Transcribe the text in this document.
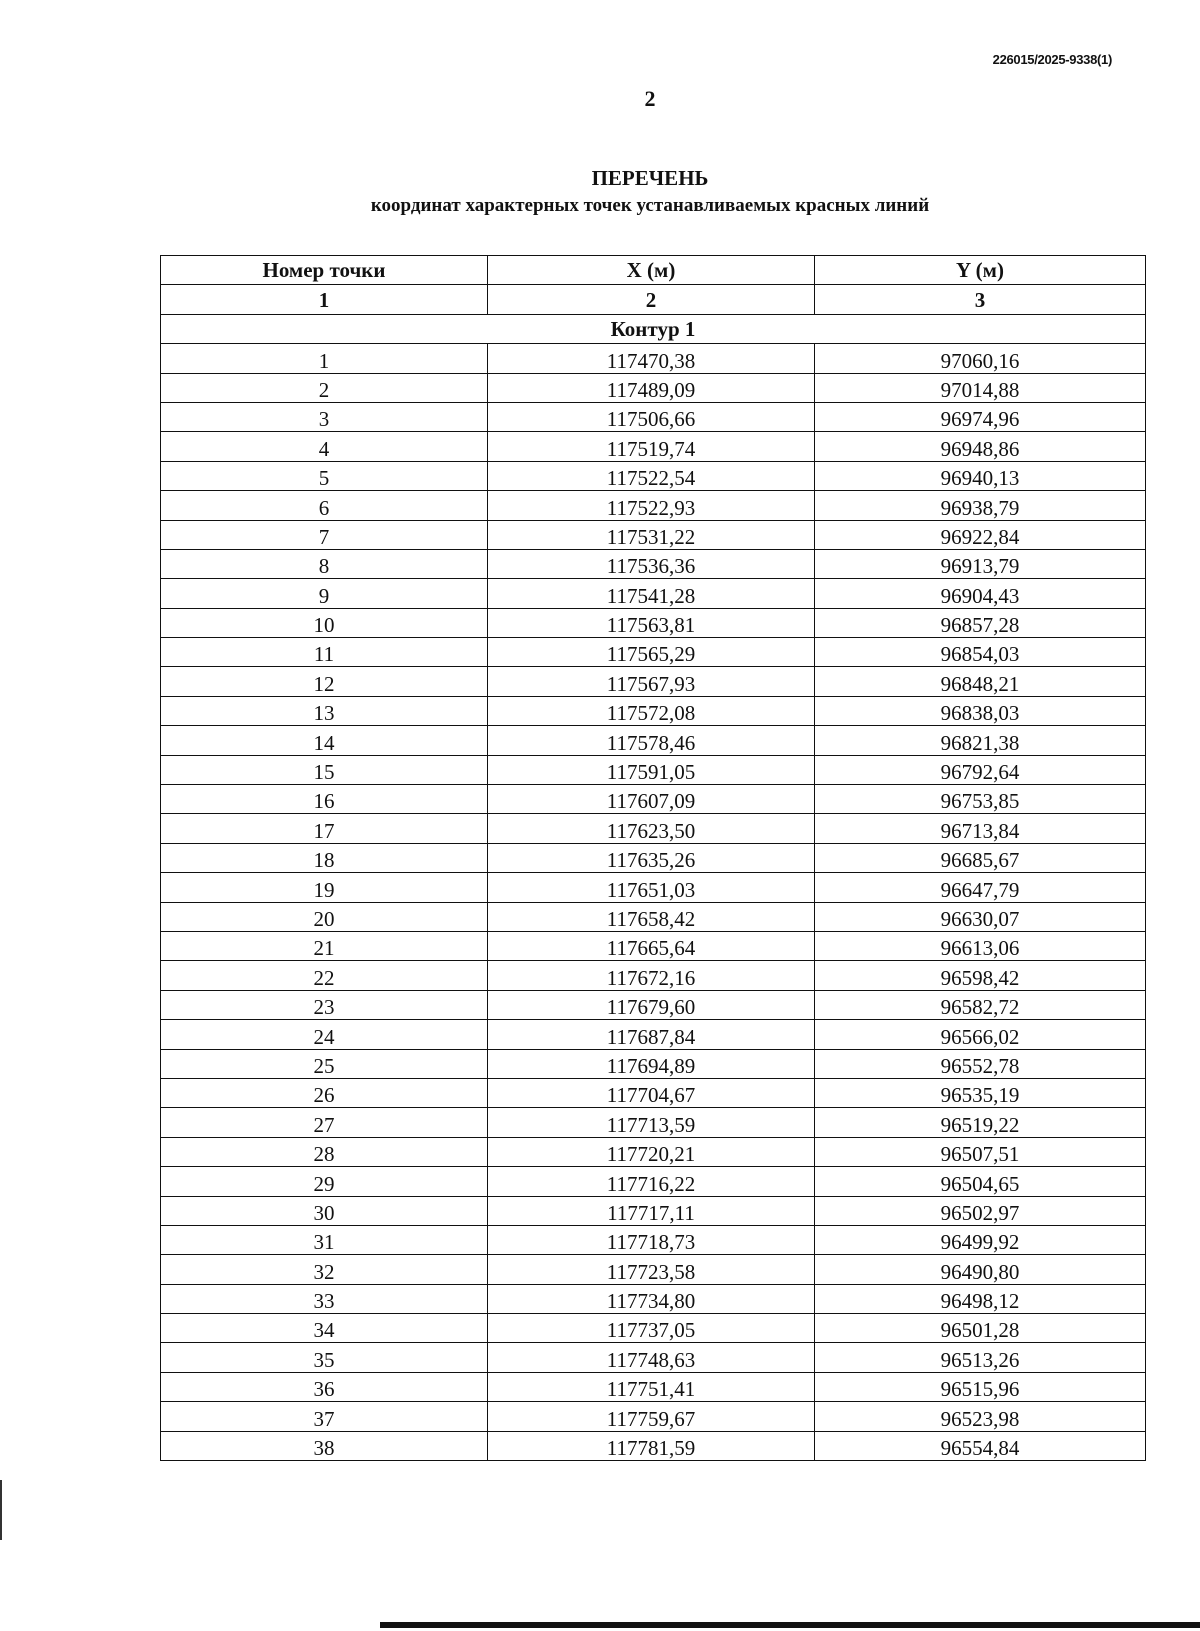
226015/2025-9338(1)
2
ПЕРЕЧЕНЬ
координат характерных точек устанавливаемых красных линий
Номер точки	X (м)	Y (м)
1	2	3
Контур 1		
1	117470,38	97060,16
2	117489,09	97014,88
3	117506,66	96974,96
4	117519,74	96948,86
5	117522,54	96940,13
6	117522,93	96938,79
7	117531,22	96922,84
8	117536,36	96913,79
9	117541,28	96904,43
10	117563,81	96857,28
11	117565,29	96854,03
12	117567,93	96848,21
13	117572,08	96838,03
14	117578,46	96821,38
15	117591,05	96792,64
16	117607,09	96753,85
17	117623,50	96713,84
18	117635,26	96685,67
19	117651,03	96647,79
20	117658,42	96630,07
21	117665,64	96613,06
22	117672,16	96598,42
23	117679,60	96582,72
24	117687,84	96566,02
25	117694,89	96552,78
26	117704,67	96535,19
27	117713,59	96519,22
28	117720,21	96507,51
29	117716,22	96504,65
30	117717,11	96502,97
31	117718,73	96499,92
32	117723,58	96490,80
33	117734,80	96498,12
34	117737,05	96501,28
35	117748,63	96513,26
36	117751,41	96515,96
37	117759,67	96523,98
38	117781,59	96554,84
